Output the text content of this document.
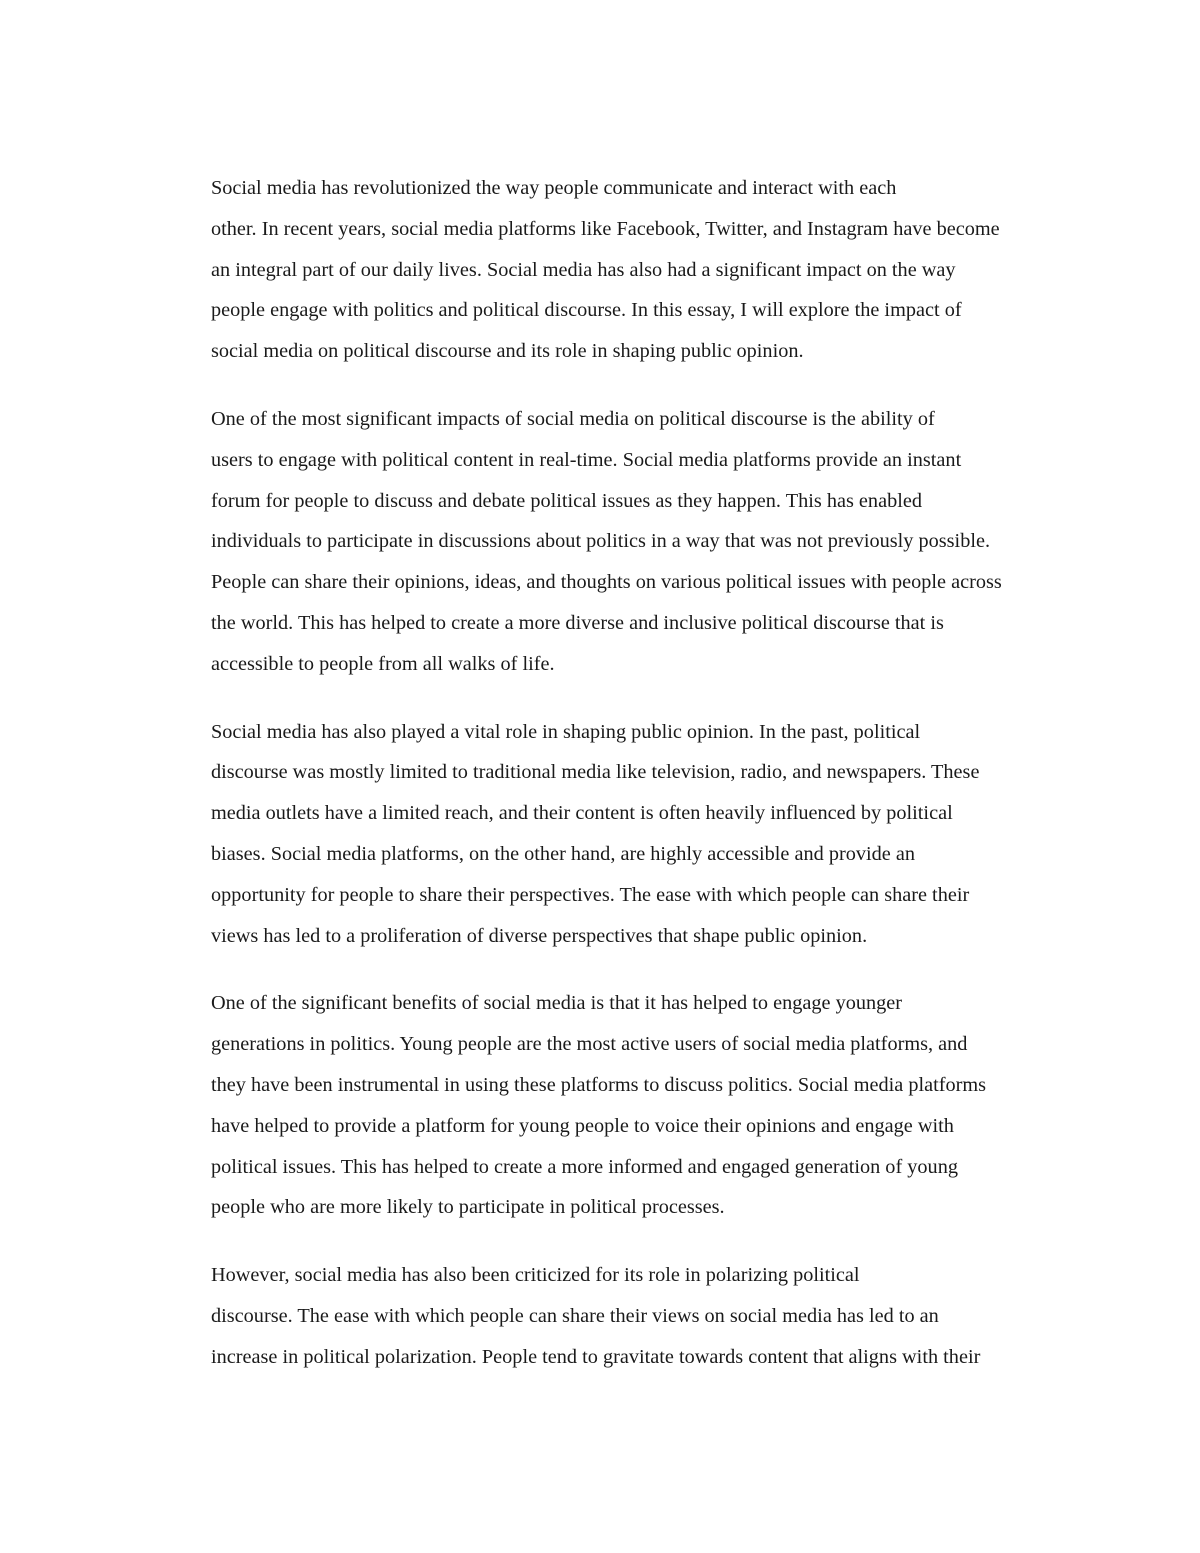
Social media has revolutionized the way people communicate and interact with each
other. In recent years, social media platforms like Facebook, Twitter, and Instagram have become
an integral part of our daily lives. Social media has also had a significant impact on the way
people engage with politics and political discourse. In this essay, I will explore the impact of
social media on political discourse and its role in shaping public opinion.

One of the most significant impacts of social media on political discourse is the ability of
users to engage with political content in real-time. Social media platforms provide an instant
forum for people to discuss and debate political issues as they happen. This has enabled
individuals to participate in discussions about politics in a way that was not previously possible.
People can share their opinions, ideas, and thoughts on various political issues with people across
the world. This has helped to create a more diverse and inclusive political discourse that is
accessible to people from all walks of life.

Social media has also played a vital role in shaping public opinion. In the past, political
discourse was mostly limited to traditional media like television, radio, and newspapers. These
media outlets have a limited reach, and their content is often heavily influenced by political
biases. Social media platforms, on the other hand, are highly accessible and provide an
opportunity for people to share their perspectives. The ease with which people can share their
views has led to a proliferation of diverse perspectives that shape public opinion.

One of the significant benefits of social media is that it has helped to engage younger
generations in politics. Young people are the most active users of social media platforms, and
they have been instrumental in using these platforms to discuss politics. Social media platforms
have helped to provide a platform for young people to voice their opinions and engage with
political issues. This has helped to create a more informed and engaged generation of young
people who are more likely to participate in political processes.

However, social media has also been criticized for its role in polarizing political
discourse. The ease with which people can share their views on social media has led to an
increase in political polarization. People tend to gravitate towards content that aligns with their
